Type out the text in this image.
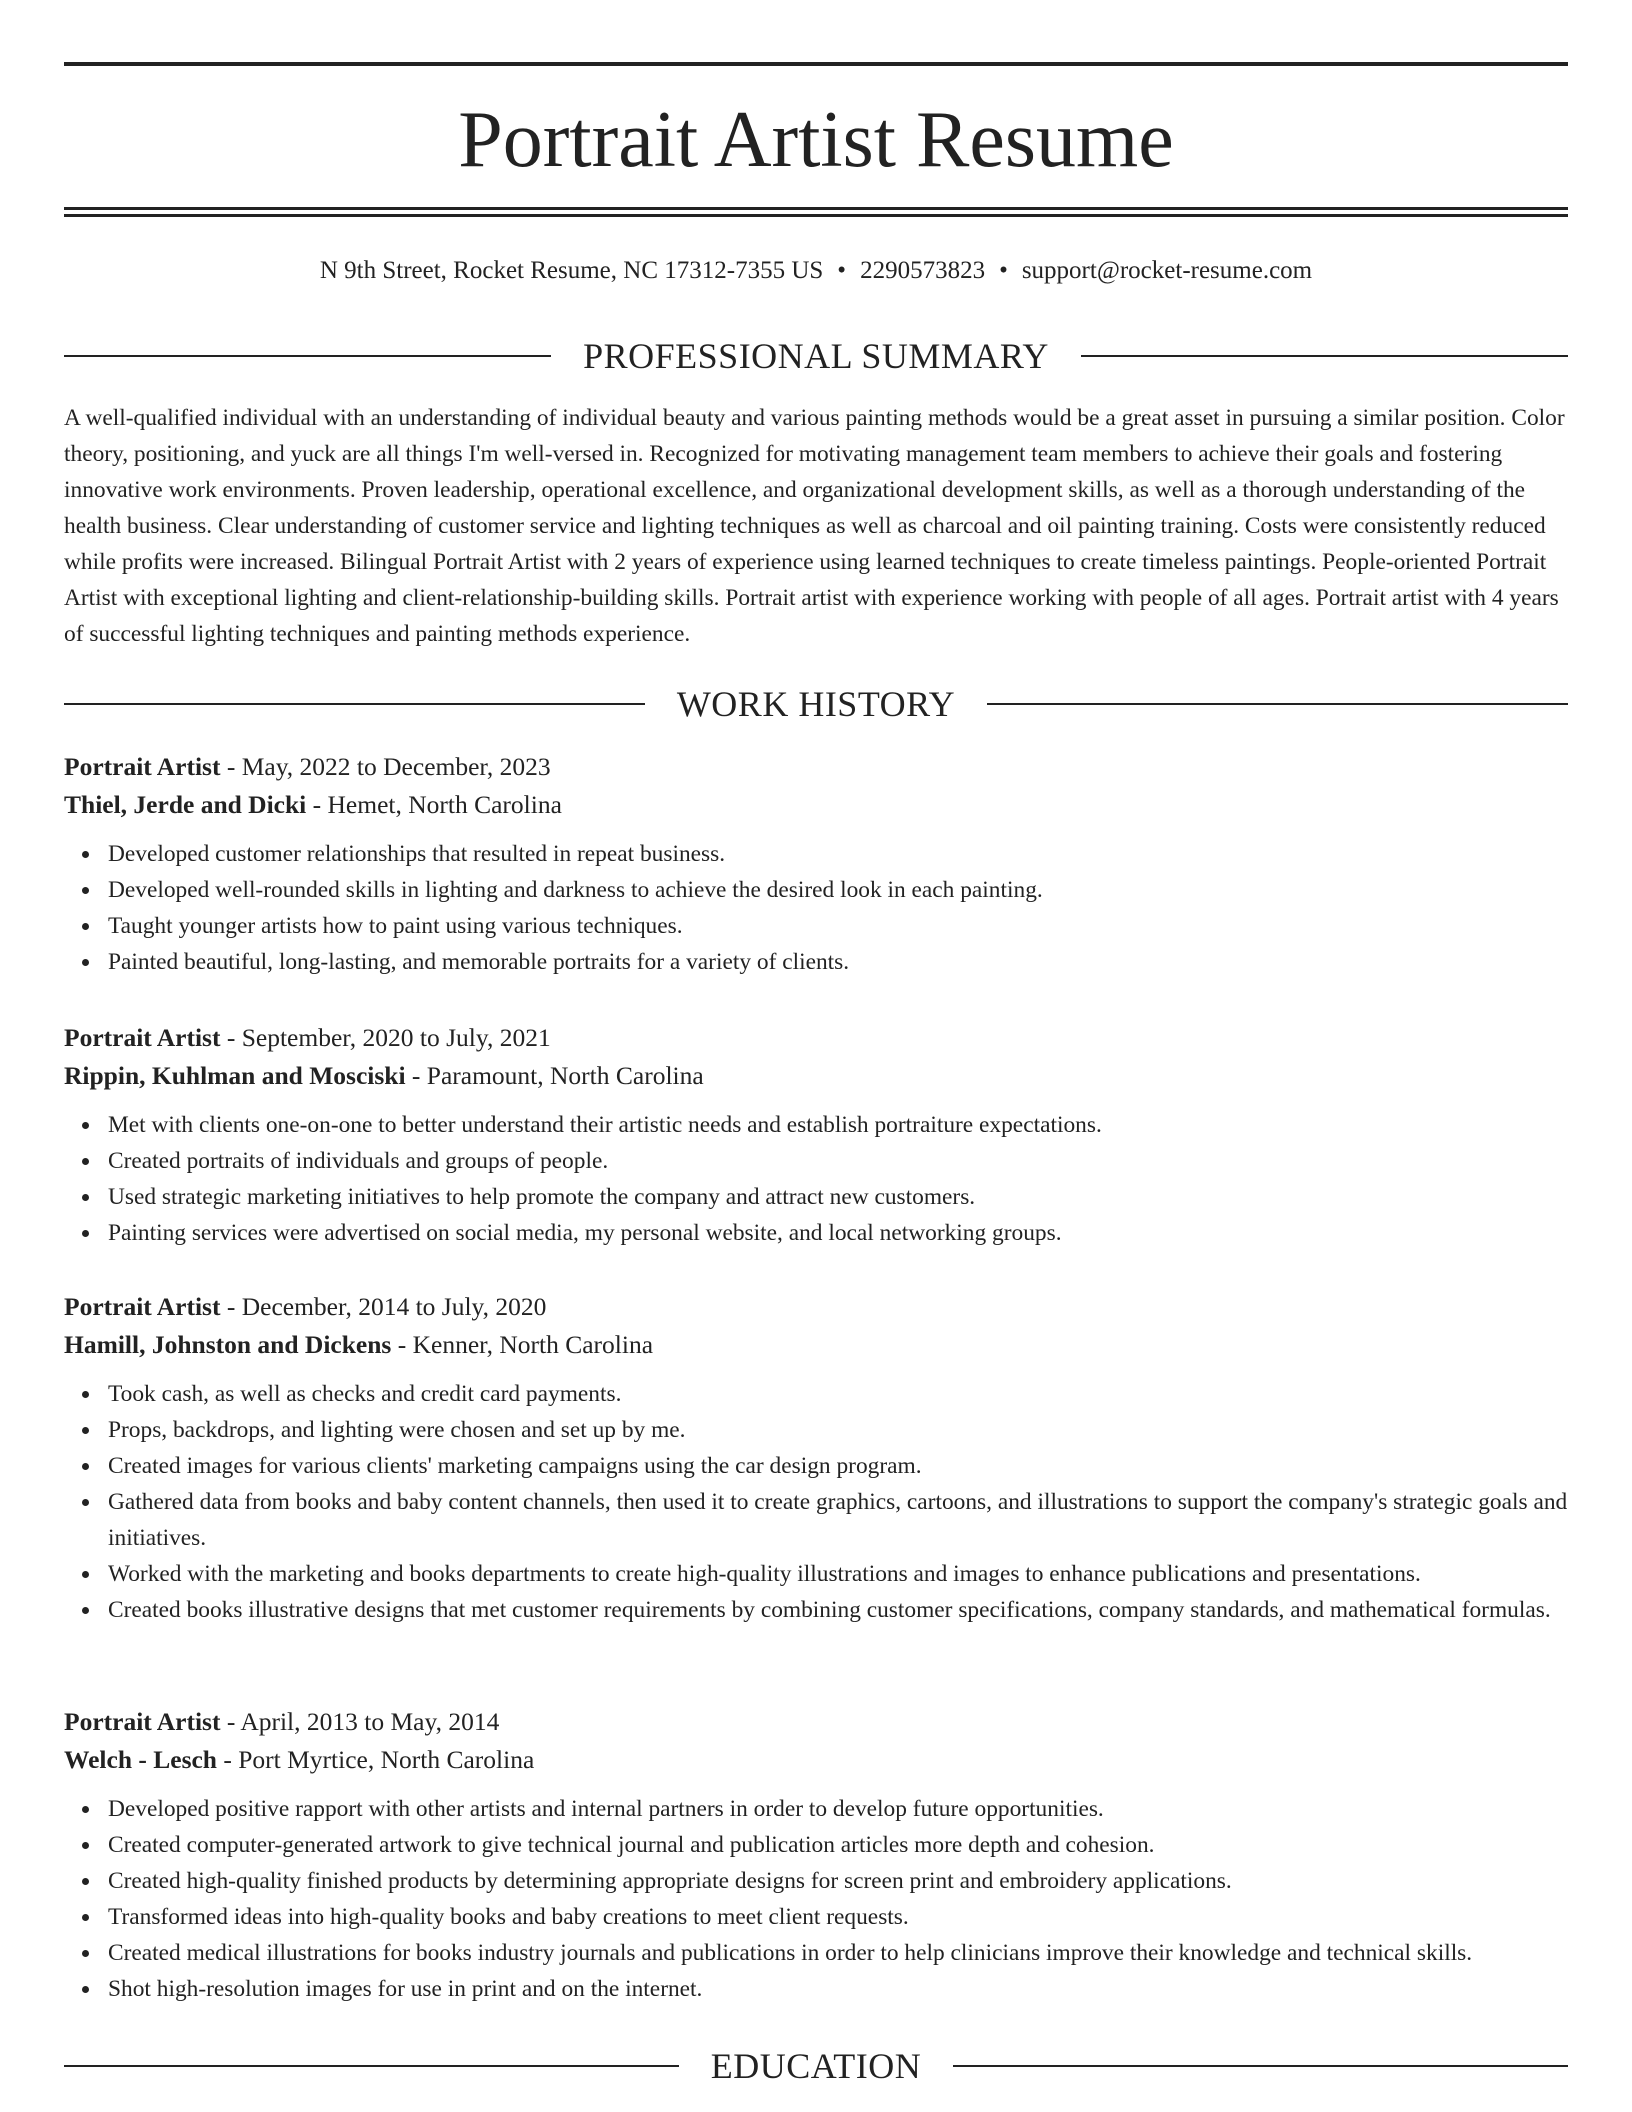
Portrait Artist Resume
N 9th Street, Rocket Resume, NC 17312-7355 US • 2290573823 • support@rocket-resume.com
PROFESSIONAL SUMMARY

A well-qualified individual with an understanding of individual beauty and various painting methods would be a great asset in pursuing a similar position. Color theory, positioning, and yuck are all things I'm well-versed in. Recognized for motivating management team members to achieve their goals and fostering innovative work environments. Proven leadership, operational excellence, and organizational development skills, as well as a thorough understanding of the health business. Clear understanding of customer service and lighting techniques as well as charcoal and oil painting training. Costs were consistently reduced while profits were increased. Bilingual Portrait Artist with 2 years of experience using learned techniques to create timeless paintings. People-oriented Portrait Artist with exceptional lighting and client-relationship-building skills. Portrait artist with experience working with people of all ages. Portrait artist with 4 years of successful lighting techniques and painting methods experience.

WORK HISTORY
Portrait Artist - May, 2022 to December, 2023
Thiel, Jerde and Dicki - Hemet, North Carolina
Developed customer relationships that resulted in repeat business.
Developed well-rounded skills in lighting and darkness to achieve the desired look in each painting.
Taught younger artists how to paint using various techniques.
Painted beautiful, long-lasting, and memorable portraits for a variety of clients.
Portrait Artist - September, 2020 to July, 2021
Rippin, Kuhlman and Mosciski - Paramount, North Carolina
Met with clients one-on-one to better understand their artistic needs and establish portraiture expectations.
Created portraits of individuals and groups of people.
Used strategic marketing initiatives to help promote the company and attract new customers.
Painting services were advertised on social media, my personal website, and local networking groups.
Portrait Artist - December, 2014 to July, 2020
Hamill, Johnston and Dickens - Kenner, North Carolina
Took cash, as well as checks and credit card payments.
Props, backdrops, and lighting were chosen and set up by me.
Created images for various clients' marketing campaigns using the car design program.
Gathered data from books and baby content channels, then used it to create graphics, cartoons, and illustrations to support the company's strategic goals and initiatives.
Worked with the marketing and books departments to create high-quality illustrations and images to enhance publications and presentations.
Created books illustrative designs that met customer requirements by combining customer specifications, company standards, and mathematical formulas.
Portrait Artist - April, 2013 to May, 2014
Welch - Lesch - Port Myrtice, North Carolina
Developed positive rapport with other artists and internal partners in order to develop future opportunities.
Created computer-generated artwork to give technical journal and publication articles more depth and cohesion.
Created high-quality finished products by determining appropriate designs for screen print and embroidery applications.
Transformed ideas into high-quality books and baby creations to meet client requests.
Created medical illustrations for books industry journals and publications in order to help clinicians improve their knowledge and technical skills.
Shot high-resolution images for use in print and on the internet.
EDUCATION
